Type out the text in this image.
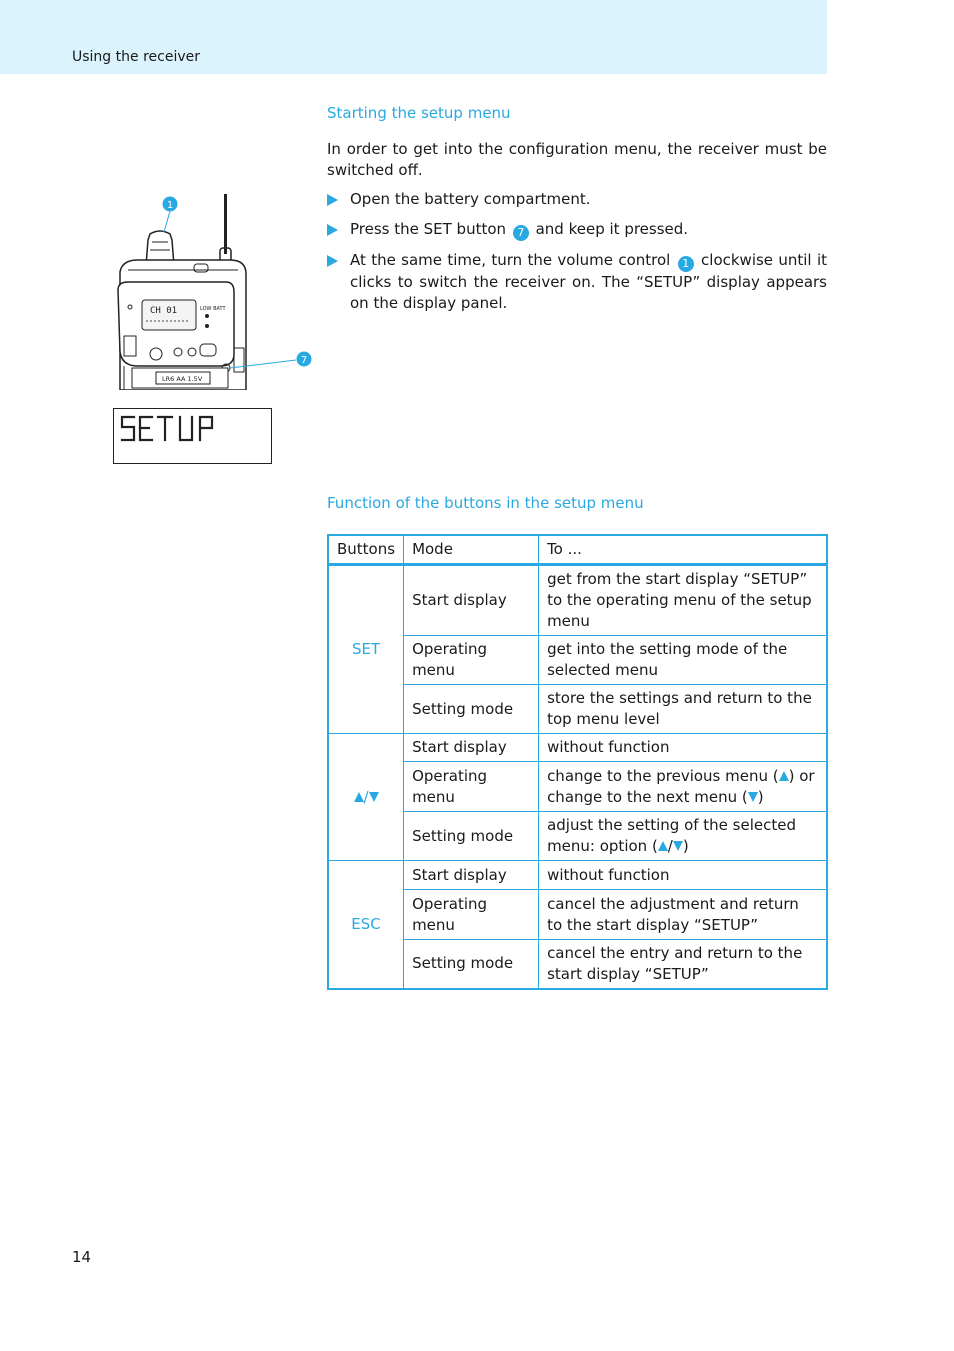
Using the receiver
Starting the setup menu
In order to get into the configuration menu, the receiver must be switched off.
Open the battery compartment.
Press the SET button 7 and keep it pressed.
At the same time, turn the volume control 1 clockwise until it clicks to switch the receiver on. The “SETUP” display appears on the display panel.
CH 01	LOW BATT
LR6 AA 1.5V
1
7
Function of the buttons in the setup menu
Buttons	Mode	To ...
SET	Start display	get from the start display “SETUP” to the operating menu of the setup menu
	Operating menu	get into the setting mode of the selected menu
	Setting mode	store the settings and return to the top menu level
/	Start display	without function
	Operating menu	change to the previous menu ( ) or change to the next menu ( )
	Setting mode	adjust the setting of the selected menu: option ( / )
ESC	Start display	without function
	Operating menu	cancel the adjustment and return to the start display “SETUP”
	Setting mode	cancel the entry and return to the start display “SETUP”
14
